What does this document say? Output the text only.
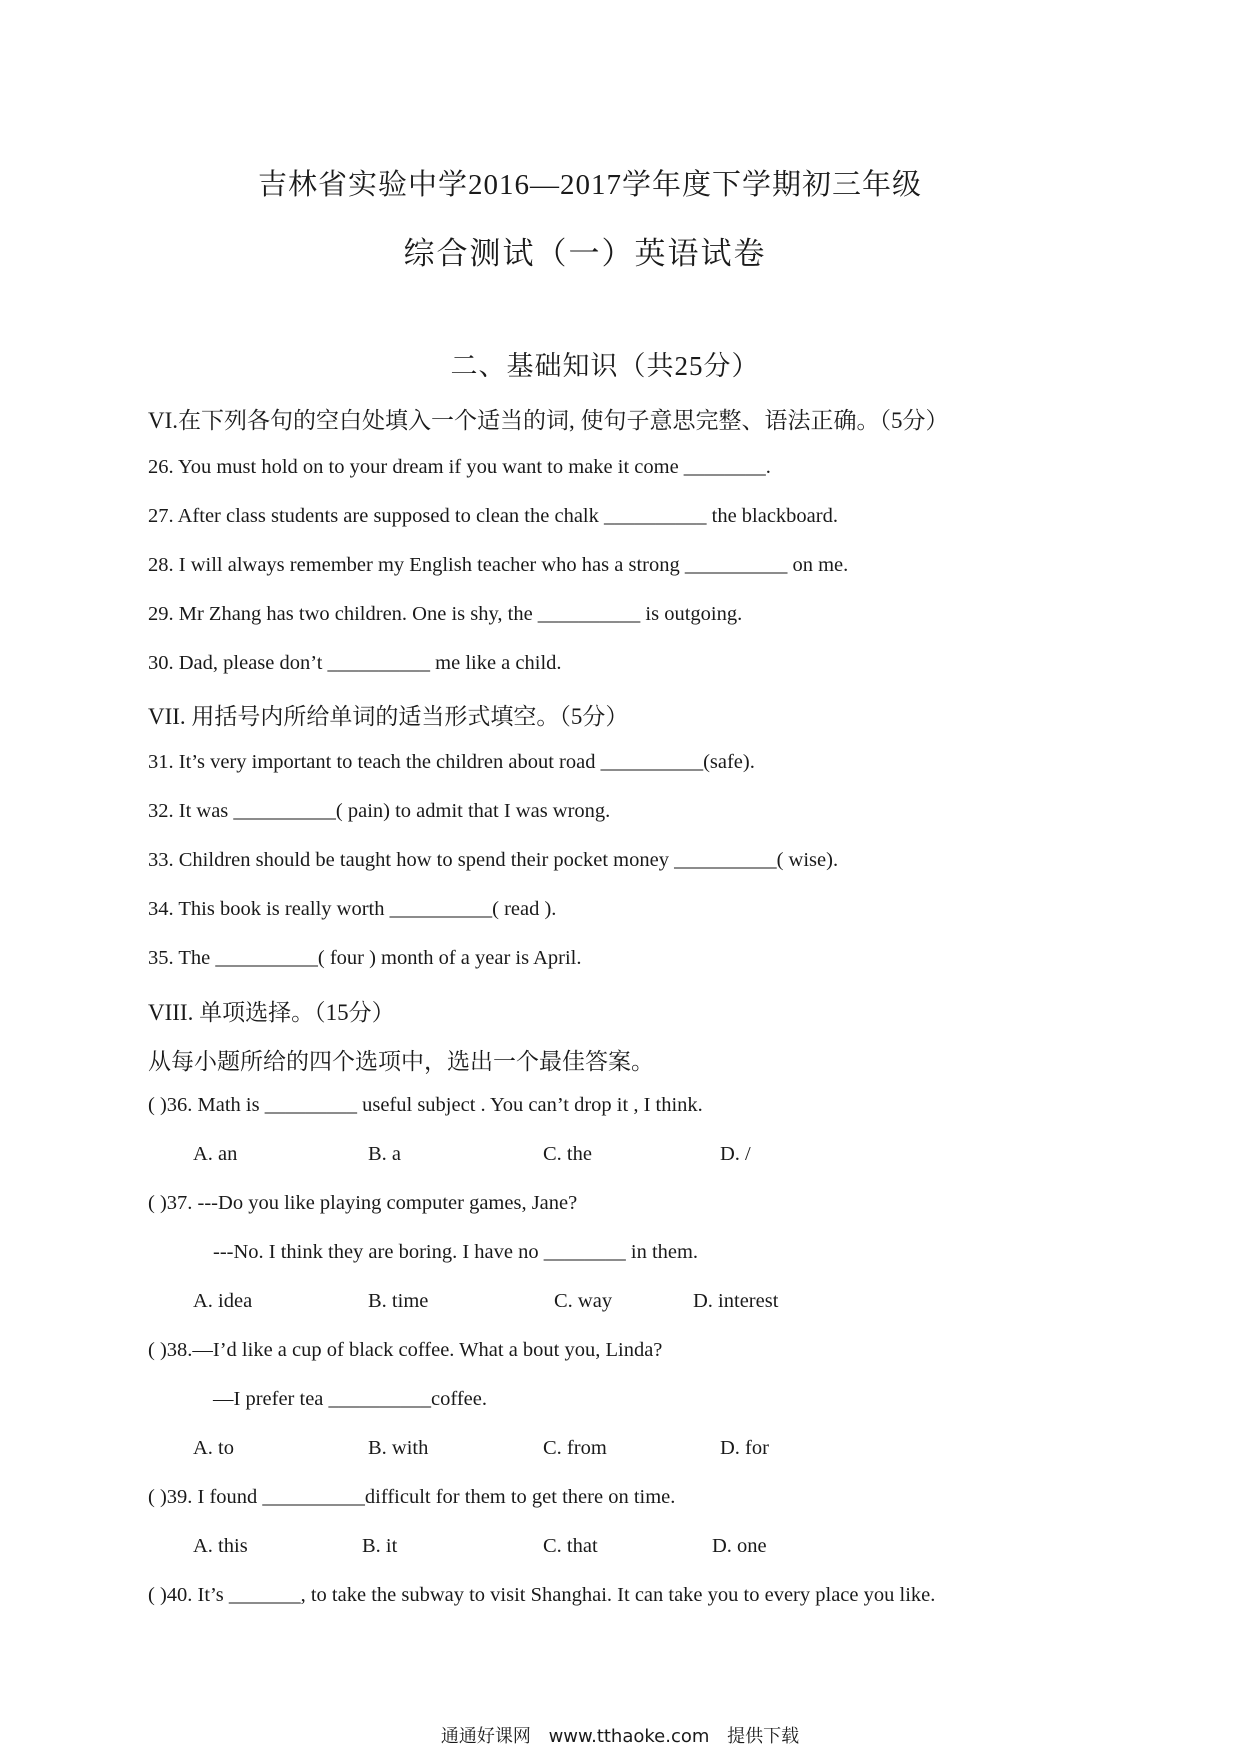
吉林省实验中学2016—2017学年度下学期初三年级
综合测试（一）英语试卷
二、基础知识（共25分）
VI.在下列各句的空白处填入一个适当的词, 使句子意思完整、语法正确。（5分）
26. You must hold on to your dream if you want to make it come ________.
27. After class students are supposed to clean the chalk __________ the blackboard.
28. I will always remember my English teacher who has a strong __________ on me.
29. Mr Zhang has two children. One is shy, the __________ is outgoing.
30. Dad, please don’t __________ me like a child.
VII. 用括号内所给单词的适当形式填空。（5分）
31. It’s very important to teach the children about road __________(safe).
32. It was __________( pain) to admit that I was wrong.
33. Children should be taught how to spend their pocket money __________( wise).
34. This book is really worth __________( read ).
35. The __________( four ) month of a year is April.
VIII. 单项选择。（15分）
从每小题所给的四个选项中，选出一个最佳答案。
( )36. Math is _________ useful subject . You can’t drop it , I think.
A. an	B. a	C. the	D. /
( )37. ---Do you like playing computer games, Jane?
---No. I think they are boring. I have no ________ in them.
A. idea	B. time	C. way	D. interest
( )38.—I’d like a cup of black coffee. What a bout you, Linda?
—I prefer tea __________coffee.
A. to	B. with	C. from	D. for
( )39. I found __________difficult for them to get there on time.
A. this	B. it	C. that	D. one
( )40. It’s _______, to take the subway to visit Shanghai. It can take you to every place you like.
通通好课网 www.tthaoke.com 提供下载
